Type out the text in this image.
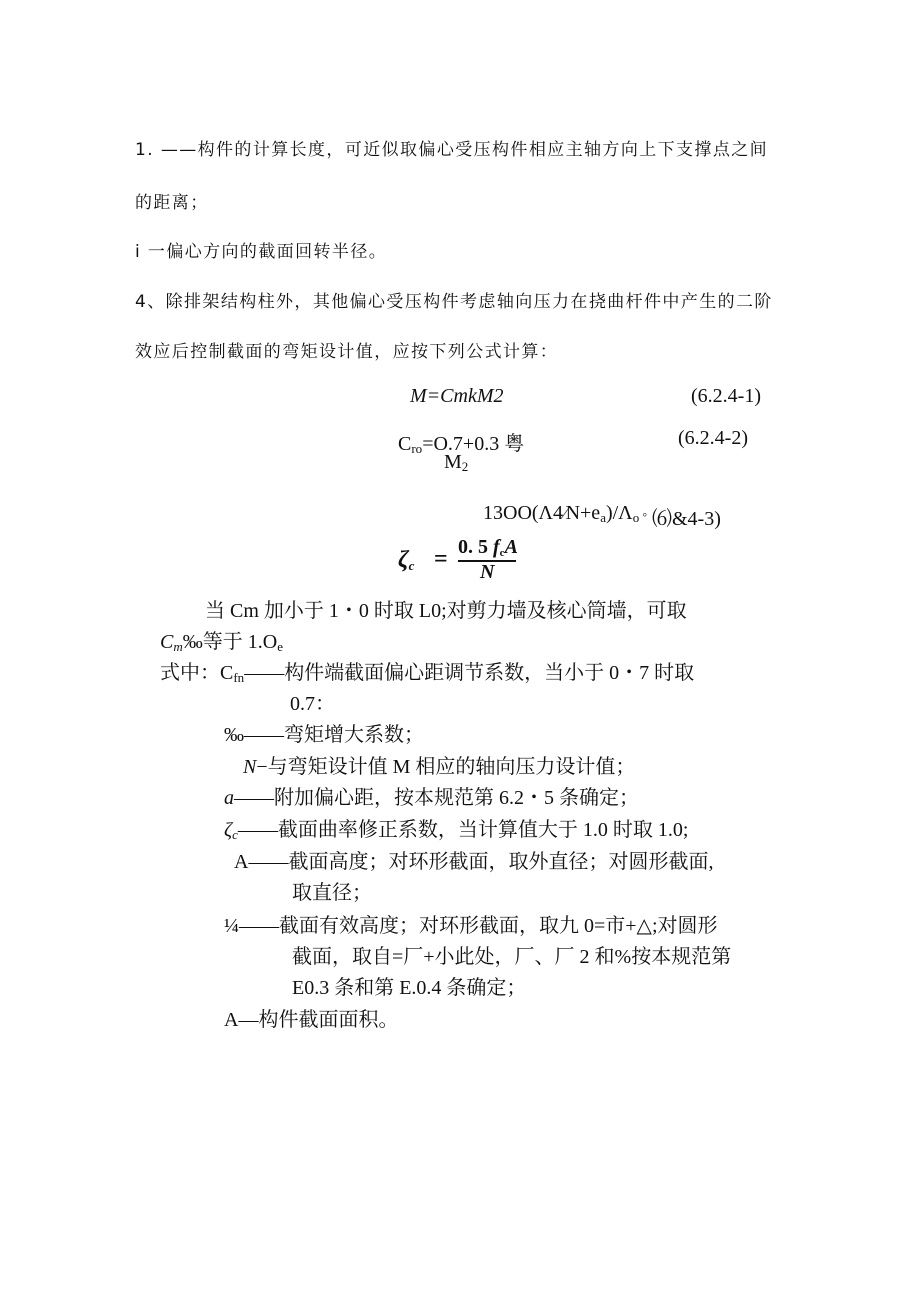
1. ——构件的计算长度，可近似取偏心受压构件相应主轴方向上下支撑点之间
的距离；
i 一偏心方向的截面回转半径。
4、除排架结构柱外，其他偏心受压构件考虑轴向压力在挠曲杆件中产生的二阶
效应后控制截面的弯矩设计值，应按下列公式计算：
M=CmkM2	(6.2.4-1)
$C_{ro}=O.7+0.3$ 粤
$M_2$
(6.2.4-2)
$13OO(\Lambda 4∕N+e_a)/\Lambda_o$ ◦ ⑹&4-3)
$\zeta_c = 0$. 5 $f_cA$
N
当 Cm 加小于 1・0 时取 L0;对剪力墙及核心筒墙，可取
$C_m‰$等于 $1.O_e$
式中：$C_{fn}——$构件端截面偏心距调节系数，当小于 0・7 时取
0.7：
‰——弯矩增大系数；
N−与弯矩设计值 M 相应的轴向压力设计值；
a——附加偏心距，按本规范第 6.2・5 条确定；
$\zeta_c——$截面曲率修正系数，当计算值大于 1.0 时取 1.0;
A——截面高度；对环形截面，取外直径；对圆形截面,
取直径；
¼——截面有效高度；对环形截面，取九 0=市+△;对圆形
截面，取自=厂+小此处，厂、厂 2 和%按本规范第
E0.3 条和第 E.0.4 条确定；
A—构件截面面积。
